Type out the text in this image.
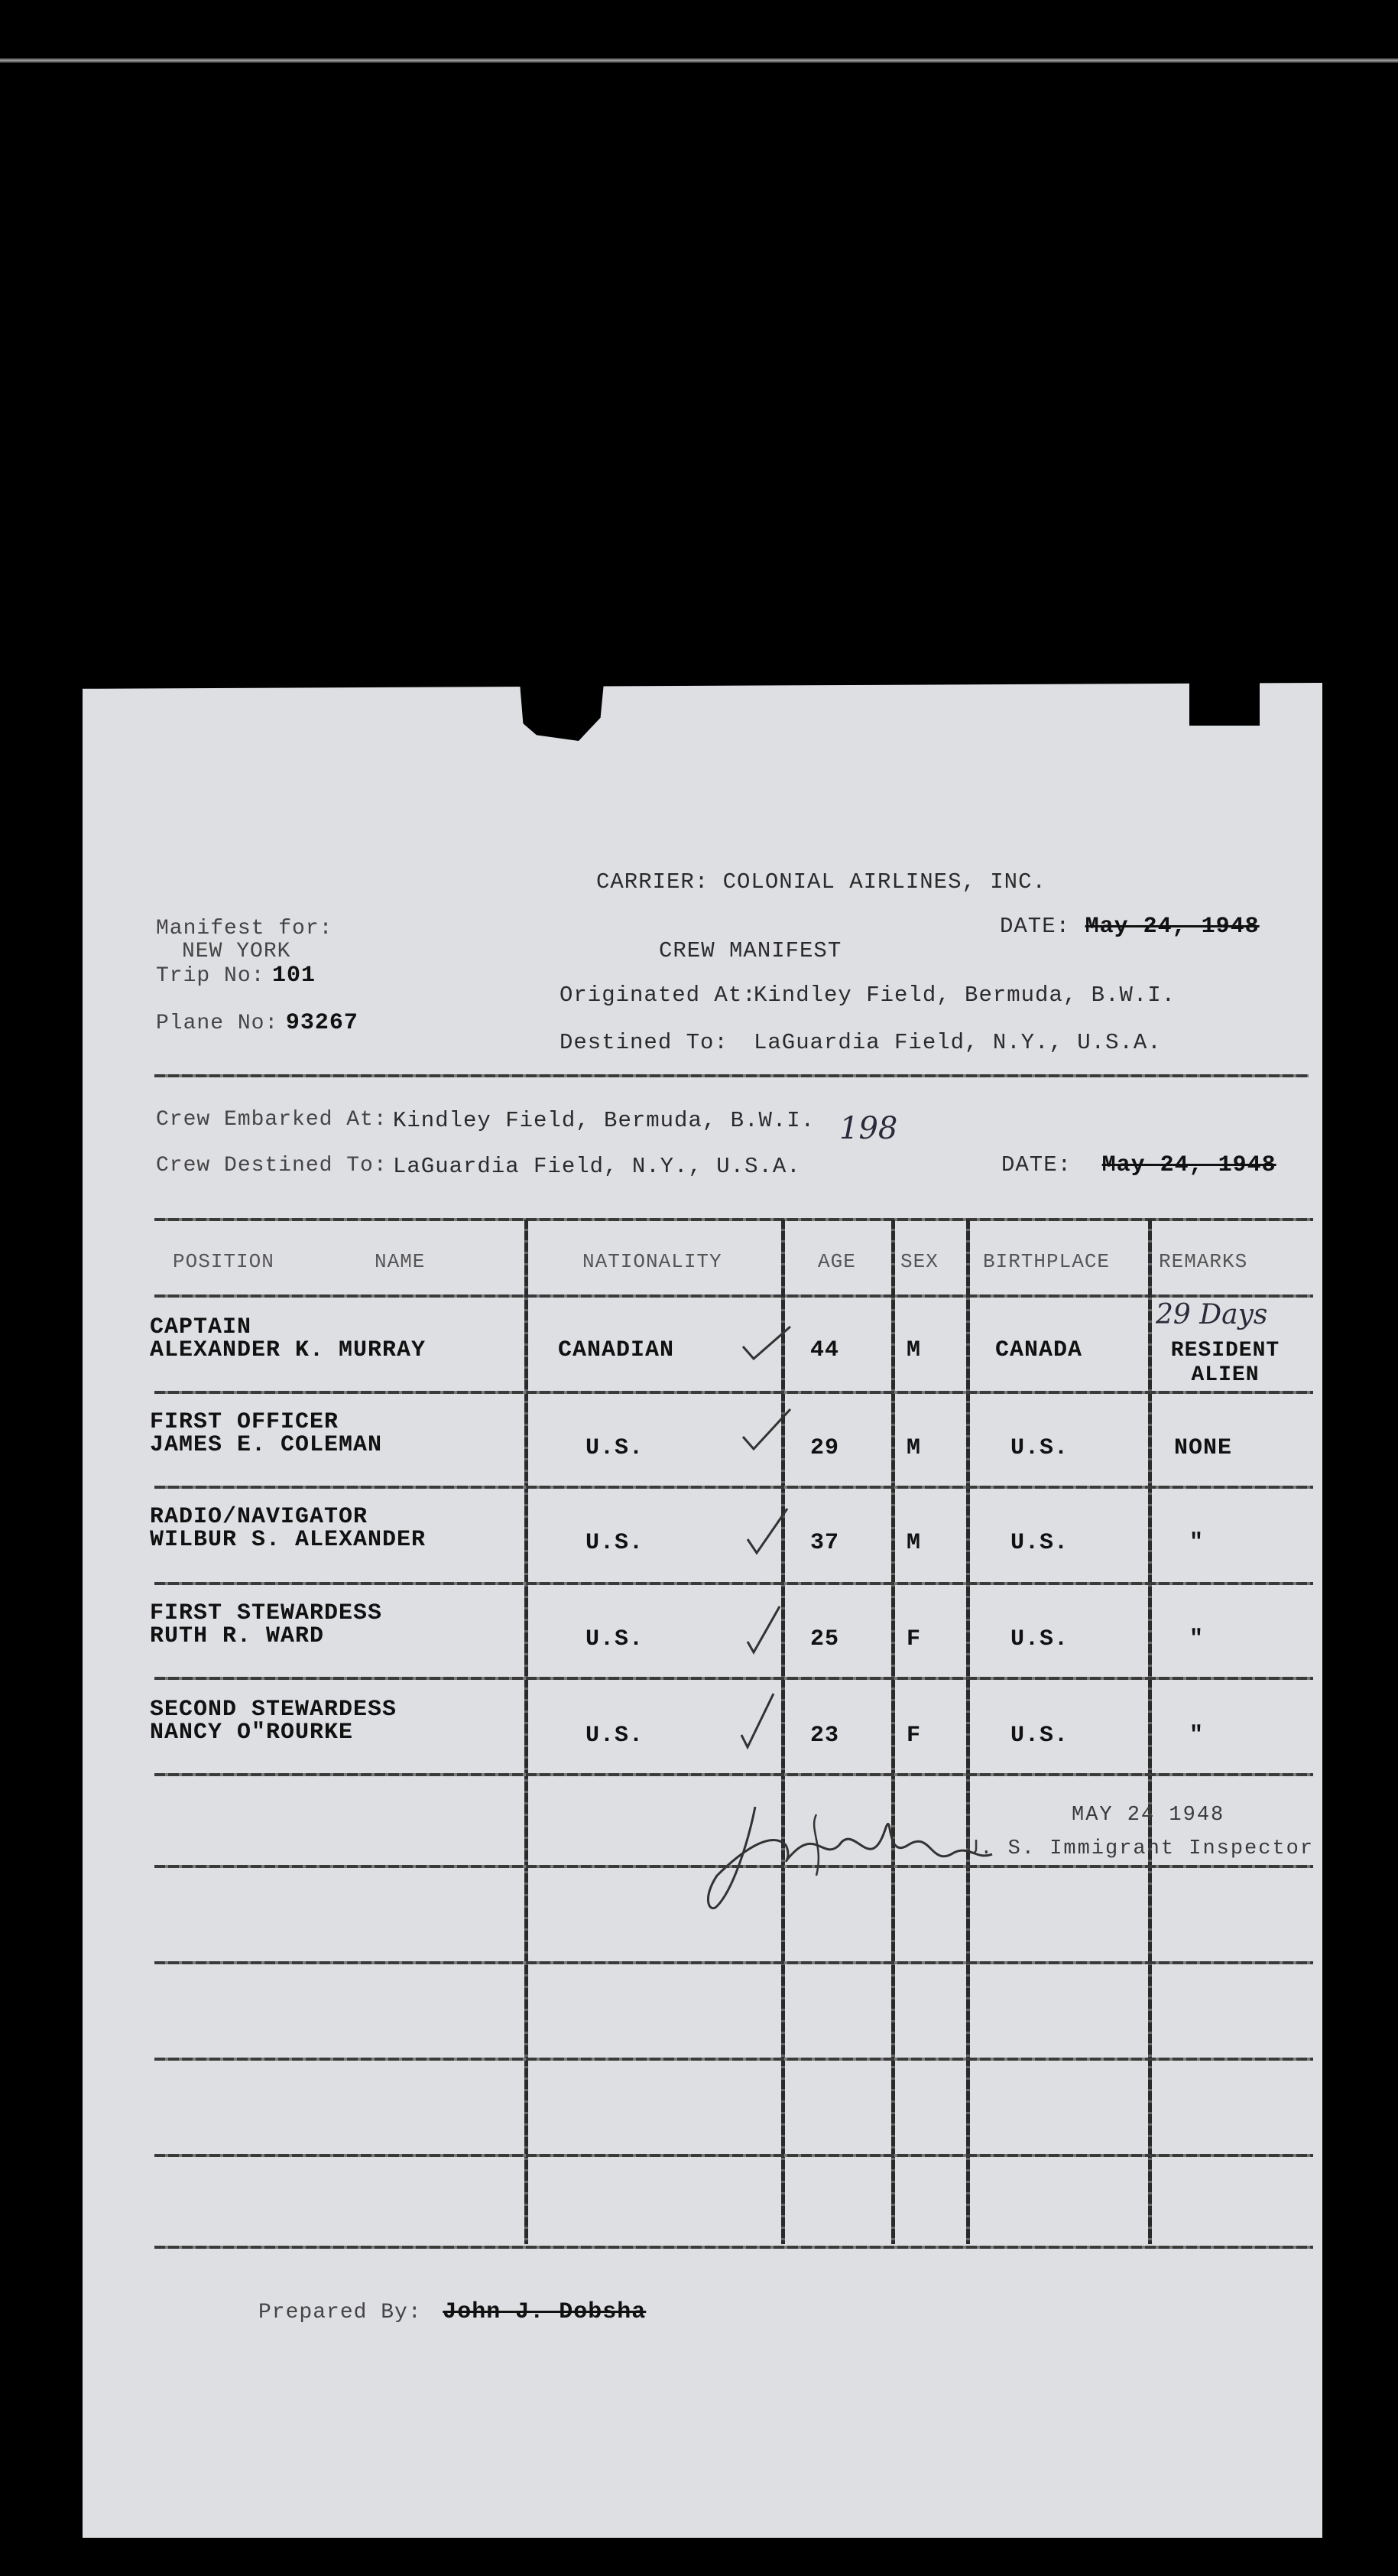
CARRIER: COLONIAL AIRLINES, INC.
Manifest for:
NEW YORK
Trip No: 101
Plane No: 93267
CREW MANIFEST
DATE: May 24, 1948
Originated At:
Kindley Field, Bermuda, B.W.I.
Destined To: LaGuardia Field, N.Y., U.S.A.
Crew Embarked At: Kindley Field, Bermuda, B.W.I. 198
Crew Destined To: LaGuardia Field, N.Y., U.S.A.	DATE: May 24, 1948
POSITION	NAME	NATIONALITY	AGE SEX BIRTHPLACE REMARKS
CAPTAIN
ALEXANDER K. MURRAY	CANADIAN	44	M	CANADA
29 Days
RESIDENT ALIEN
FIRST OFFICER
JAMES E. COLEMAN	U.S.	29	M	U.S.	NONE
RADIO/NAVIGATOR
WILBUR S. ALEXANDER	U.S.	37	M	U.S.	"
FIRST STEWARDESS
RUTH R. WARD	U.S.	25	F	U.S.	"
SECOND STEWARDESS
NANCY O"ROURKE	U.S.	23	F	U.S.	"
MAY 24 1948
U. S. Immigrant Inspector
Prepared By: John J. Dobsha
